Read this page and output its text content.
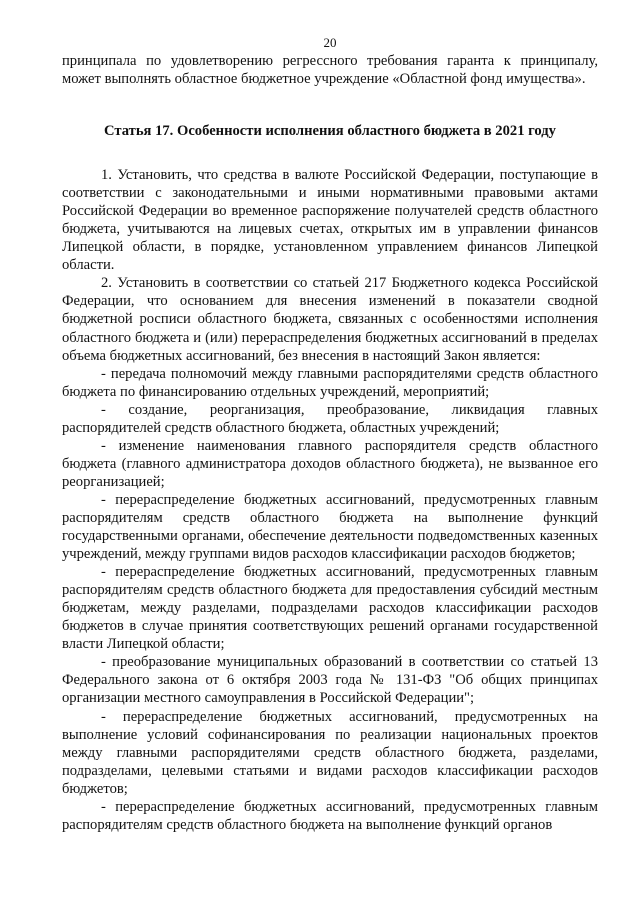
20

принципала по удовлетворению регрессного требования гаранта к принципалу, может выполнять областное бюджетное учреждение «Областной фонд имущества».

Статья 17. Особенности исполнения областного бюджета в 2021 году

1. Установить, что средства в валюте Российской Федерации, поступающие в соответствии с законодательными и иными нормативными правовыми актами Российской Федерации во временное распоряжение получателей средств областного бюджета, учитываются на лицевых счетах, открытых им в управлении финансов Липецкой области, в порядке, установленном управлением финансов Липецкой области.

2. Установить в соответствии со статьей 217 Бюджетного кодекса Российской Федерации, что основанием для внесения изменений в показатели сводной бюджетной росписи областного бюджета, связанных с особенностями исполнения областного бюджета и (или) перераспределения бюджетных ассигнований в пределах объема бюджетных ассигнований, без внесения в настоящий Закон является:

- передача полномочий между главными распорядителями средств областного бюджета по финансированию отдельных учреждений, мероприятий;

- создание, реорганизация, преобразование, ликвидация главных распорядителей средств областного бюджета, областных учреждений;

- изменение наименования главного распорядителя средств областного бюджета (главного администратора доходов областного бюджета), не вызванное его реорганизацией;

- перераспределение бюджетных ассигнований, предусмотренных главным распорядителям средств областного бюджета на выполнение функций государственными органами, обеспечение деятельности подведомственных казенных учреждений, между группами видов расходов классификации расходов бюджетов;

- перераспределение бюджетных ассигнований, предусмотренных главным распорядителям средств областного бюджета для предоставления субсидий местным бюджетам, между разделами, подразделами расходов классификации расходов бюджетов в случае принятия соответствующих решений органами государственной власти Липецкой области;

- преобразование муниципальных образований в соответствии со статьей 13 Федерального закона от 6 октября 2003 года № 131-ФЗ "Об общих принципах организации местного самоуправления в Российской Федерации";

- перераспределение бюджетных ассигнований, предусмотренных на выполнение условий софинансирования по реализации национальных проектов между главными распорядителями средств областного бюджета, разделами, подразделами, целевыми статьями и видами расходов классификации расходов бюджетов;

- перераспределение бюджетных ассигнований, предусмотренных главным распорядителям средств областного бюджета на выполнение функций органов
